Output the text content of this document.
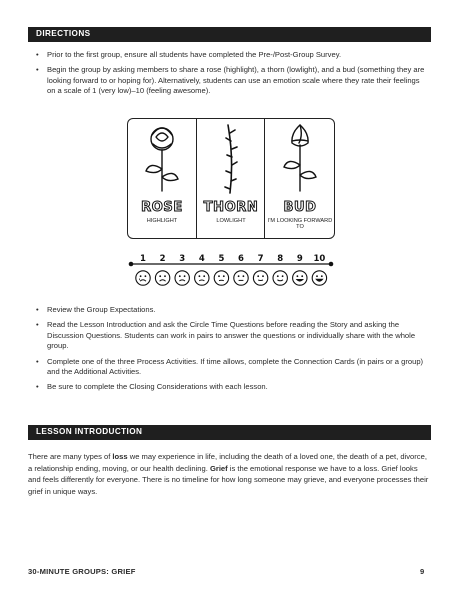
DIRECTIONS
• Prior to the first group, ensure all students have completed the Pre-/Post-Group Survey.
• Begin the group by asking members to share a rose (highlight), a thorn (lowlight), and a bud (something they are looking forward to or hoping for). Alternatively, students can use an emotion scale where they rate their feelings on a scale of 1 (very low)–10 (feeling awesome).
ROSE
HIGHLIGHT
THORN
LOWLIGHT
BUD
I'M LOOKING FORWARD TO
1 2 3 4 5 6 7 8 9 10
• Review the Group Expectations.
• Read the Lesson Introduction and ask the Circle Time Questions before reading the Story and asking the Discussion Questions. Students can work in pairs to answer the questions or individually share with the whole group.
• Complete one of the three Process Activities. If time allows, complete the Connection Cards (in pairs or a group) and the Additional Activities.
• Be sure to complete the Closing Considerations with each lesson.
LESSON INTRODUCTION

There are many types of loss we may experience in life, including the death of a loved one, the death of a pet, divorce, a relationship ending, moving, or our health declining. Grief is the emotional response we have to a loss. Grief looks and feels differently for everyone. There is no timeline for how long someone may grieve, and everyone processes their grief in unique ways.

30-MINUTE GROUPS: GRIEF	9
